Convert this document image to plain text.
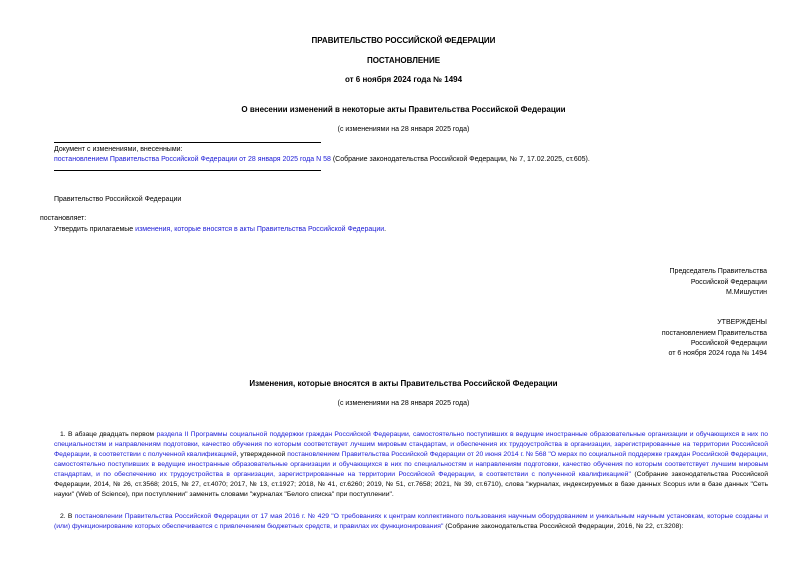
ПРАВИТЕЛЬСТВО РОССИЙСКОЙ ФЕДЕРАЦИИ
ПОСТАНОВЛЕНИЕ
от 6 ноября 2024 года № 1494
О внесении изменений в некоторые акты Правительства Российской Федерации
(с изменениями на 28 января 2025 года)
Документ с изменениями, внесенными:
постановлением Правительства Российской Федерации от 28 января 2025 года N 58 (Собрание законодательства Российской Федерации, № 7, 17.02.2025, ст.605).
Правительство Российской Федерации
постановляет:
Утвердить прилагаемые изменения, которые вносятся в акты Правительства Российской Федерации.
Председатель Правительства
Российской Федерации
М.Мишустин
УТВЕРЖДЕНЫ
постановлением Правительства
Российской Федерации
от 6 ноября 2024 года № 1494
Изменения, которые вносятся в акты Правительства Российской Федерации
(с изменениями на 28 января 2025 года)
1. В абзаце двадцать первом раздела II Программы социальной поддержки граждан Российской Федерации, самостоятельно поступивших в ведущие иностранные образовательные организации и обучающихся в них по специальностям и направлениям подготовки, качество обучения по которым соответствует лучшим мировым стандартам, и обеспечения их трудоустройства в организации, зарегистрированные на территории Российской Федерации, в соответствии с полученной квалификацией, утвержденной постановлением Правительства Российской Федерации от 20 июня 2014 г. № 568 "О мерах по социальной поддержке граждан Российской Федерации, самостоятельно поступивших в ведущие иностранные образовательные организации и обучающихся в них по специальностям и направлениям подготовки, качество обучения по которым соответствует лучшим мировым стандартам, и по обеспечению их трудоустройства в организации, зарегистрированные на территории Российской Федерации, в соответствии с полученной квалификацией" (Собрание законодательства Российской Федерации, 2014, № 26, ст.3568; 2015, № 27, ст.4070; 2017, № 13, ст.1927; 2018, № 41, ст.6260; 2019, № 51, ст.7658; 2021, № 39, ст.6710), слова "журналах, индексируемых в базе данных Scopus или в базе данных "Сеть науки" (Web of Science), при поступлении" заменить словами "журналах "Белого списка" при поступлении".
2. В постановлении Правительства Российской Федерации от 17 мая 2016 г. № 429 "О требованиях к центрам коллективного пользования научным оборудованием и уникальным научным установкам, которые созданы и (или) функционирование которых обеспечивается с привлечением бюджетных средств, и правилах их функционирования" (Собрание законодательства Российской Федерации, 2016, № 22, ст.3208):
